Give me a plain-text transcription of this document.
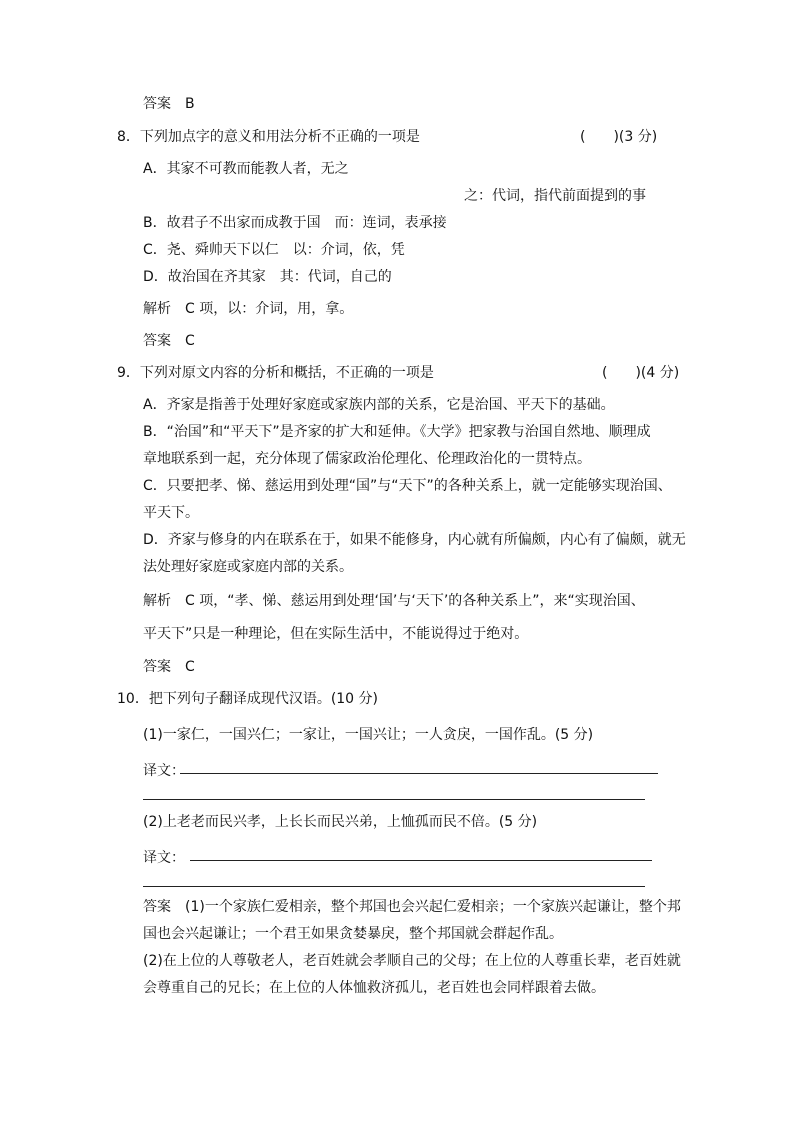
答案　B
8．下列加点字的意义和用法分析不正确的一项是	(　　)(3 分)
A．其家不可教而能教人者，无之
之：代词，指代前面提到的事
B．故君子不出家而成教于国　而：连词，表承接
C．尧、舜帅天下以仁　以：介词，依，凭
D．故治国在齐其家　其：代词，自己的
解析　C 项，以：介词，用，拿。
答案　C
9．下列对原文内容的分析和概括，不正确的一项是	(　　)(4 分)
A．齐家是指善于处理好家庭或家族内部的关系，它是治国、平天下的基础。
B．“治国”和“平天下”是齐家的扩大和延伸。《大学》把家教与治国自然地、顺理成
章地联系到一起，充分体现了儒家政治伦理化、伦理政治化的一贯特点。
C．只要把孝、悌、慈运用到处理“国”与“天下”的各种关系上，就一定能够实现治国、
平天下。
D．齐家与修身的内在联系在于，如果不能修身，内心就有所偏颇，内心有了偏颇，就无
法处理好家庭或家庭内部的关系。
解析　C 项，“孝、悌、慈运用到处理‘国’与‘天下’的各种关系上”，来“实现治国、
平天下”只是一种理论，但在实际生活中，不能说得过于绝对。
答案　C
10．把下列句子翻译成现代汉语。(10 分)
(1)一家仁，一国兴仁；一家让，一国兴让；一人贪戾，一国作乱。(5 分)
译文：
(2)上老老而民兴孝，上长长而民兴弟，上恤孤而民不倍。(5 分)
译文：
答案　(1)一个家族仁爱相亲，整个邦国也会兴起仁爱相亲；一个家族兴起谦让，整个邦
国也会兴起谦让；一个君王如果贪婪暴戾，整个邦国就会群起作乱。
(2)在上位的人尊敬老人，老百姓就会孝顺自己的父母；在上位的人尊重长辈，老百姓就
会尊重自己的兄长；在上位的人体恤救济孤儿，老百姓也会同样跟着去做。
